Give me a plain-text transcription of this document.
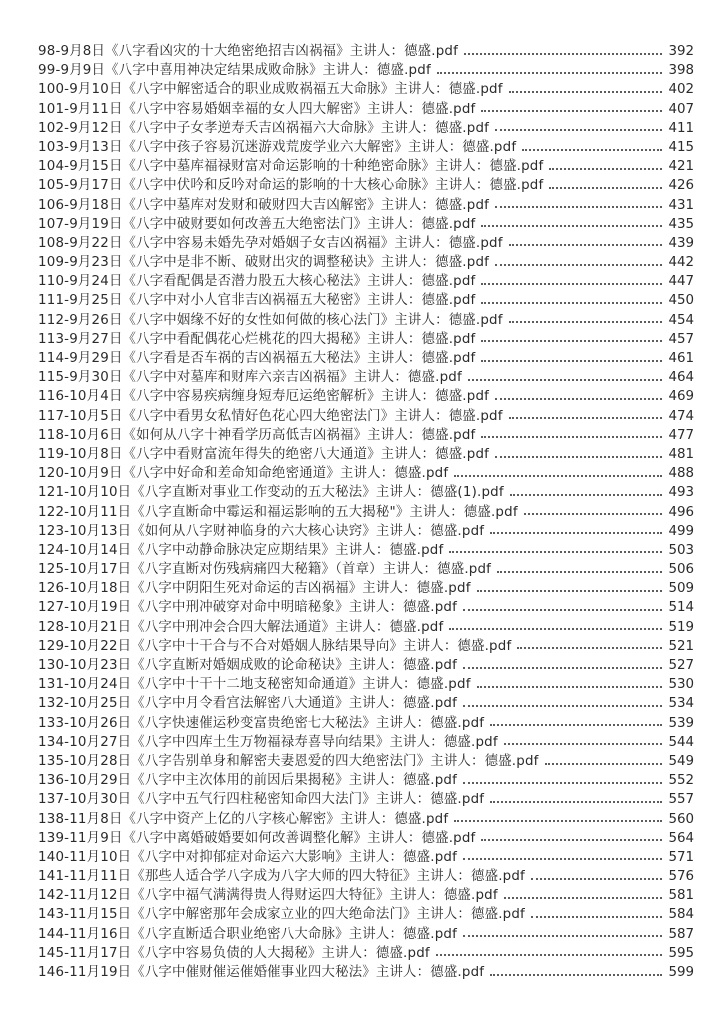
98-9月8日《八字看凶灾的十大绝密绝招吉凶祸福》主讲人：德盛.pdf	392
99-9月9日《八字中喜用神决定结果成败命脉》主讲人：德盛.pdf	398
100-9月10日《八字中解密适合的职业成败祸福五大命脉》主讲人：德盛.pdf	402
101-9月11日《八字中容易婚姻幸福的女人四大解密》主讲人：德盛.pdf	407
102-9月12日《八字中子女孝逆寿夭吉凶祸福六大命脉》主讲人：德盛.pdf	411
103-9月13日《八字中孩子容易沉迷游戏荒废学业六大解密》主讲人：德盛.pdf	415
104-9月15日《八字中墓库福禄财富对命运影响的十种绝密命脉》主讲人：德盛.pdf	421
105-9月17日《八字中伏吟和反吟对命运的影响的十大核心命脉》主讲人：德盛.pdf	426
106-9月18日《八字中墓库对发财和破财四大吉凶解密》主讲人：德盛.pdf	431
107-9月19日《八字中破财要如何改善五大绝密法门》主讲人：德盛.pdf	435
108-9月22日《八字中容易未婚先孕对婚姻子女吉凶祸福》主讲人：德盛.pdf	439
109-9月23日《八字中是非不断、破财出灾的调整秘诀》主讲人：德盛.pdf	442
110-9月24日《八字看配偶是否潜力股五大核心秘法》主讲人：德盛.pdf	447
111-9月25日《八字中对小人官非吉凶祸福五大秘密》主讲人：德盛.pdf	450
112-9月26日《八字中姻缘不好的女性如何做的核心法门》主讲人：德盛.pdf	454
113-9月27日《八字中看配偶花心烂桃花的四大揭秘》主讲人：德盛.pdf	457
114-9月29日《八字看是否车祸的吉凶祸福五大秘法》主讲人：德盛.pdf	461
115-9月30日《八字中对墓库和财库六亲吉凶祸福》主讲人：德盛.pdf	464
116-10月4日《八字中容易疾病缠身短寿厄运绝密解析》主讲人：德盛.pdf	469
117-10月5日《八字中看男女私情好色花心四大绝密法门》主讲人：德盛.pdf	474
118-10月6日《如何从八字十神看学历高低吉凶祸福》主讲人：德盛.pdf	477
119-10月8日《八字中看财富流年得失的绝密八大通道》主讲人：德盛.pdf	481
120-10月9日《八字中好命和差命知命绝密通道》主讲人：德盛.pdf	488
121-10月10日《八字直断对事业工作变动的五大秘法》主讲人：德盛(1).pdf	493
122-10月11日《八字直断命中霉运和福运影响的五大揭秘"》主讲人：德盛.pdf	496
123-10月13日《如何从八字财神临身的六大核心诀窍》主讲人：德盛.pdf	499
124-10月14日《八字中动静命脉决定应期结果》主讲人：德盛.pdf	503
125-10月17日《八字直断对伤残病痛四大秘籍》（首章）主讲人：德盛.pdf	506
126-10月18日《八字中阴阳生死对命运的吉凶祸福》主讲人：德盛.pdf	509
127-10月19日《八字中刑冲破穿对命中明暗秘象》主讲人：德盛.pdf	514
128-10月21日《八字中刑冲会合四大解法通道》主讲人：德盛.pdf	519
129-10月22日《八字中十干合与不合对婚姻人脉结果导向》主讲人：德盛.pdf	521
130-10月23日《八字直断对婚姻成败的论命秘诀》主讲人：德盛.pdf	527
131-10月24日《八字中十干十二地支秘密知命通道》主讲人：德盛.pdf	530
132-10月25日《八字中月令看宫法解密八大通道》主讲人：德盛.pdf	534
133-10月26日《八字快速催运秒变富贵绝密七大秘法》主讲人：德盛.pdf	539
134-10月27日《八字中四库土生万物福禄寿喜导向结果》主讲人：德盛.pdf	544
135-10月28日《八字告别单身和解密夫妻恩爱的四大绝密法门》主讲人：德盛.pdf	549
136-10月29日《八字中主次体用的前因后果揭秘》主讲人：德盛.pdf	552
137-10月30日《八字中五气行四柱秘密知命四大法门》主讲人：德盛.pdf	557
138-11月8日《八字中资产上亿的八字核心解密》主讲人：德盛.pdf	560
139-11月9日《八字中离婚破婚要如何改善调整化解》主讲人：德盛.pdf	564
140-11月10日《八字中对抑郁症对命运六大影响》主讲人：德盛.pdf	571
141-11月11日《那些人适合学八字成为八字大师的四大特征》主讲人：德盛.pdf	576
142-11月12日《八字中福气满满得贵人得财运四大特征》主讲人：德盛.pdf	581
143-11月15日《八字中解密那年会成家立业的四大绝命法门》主讲人：德盛.pdf	584
144-11月16日《八字直断适合职业绝密八大命脉》主讲人：德盛.pdf	587
145-11月17日《八字中容易负债的人大揭秘》主讲人：德盛.pdf	595
146-11月19日《八字中催财催运催婚催事业四大秘法》主讲人：德盛.pdf	599
